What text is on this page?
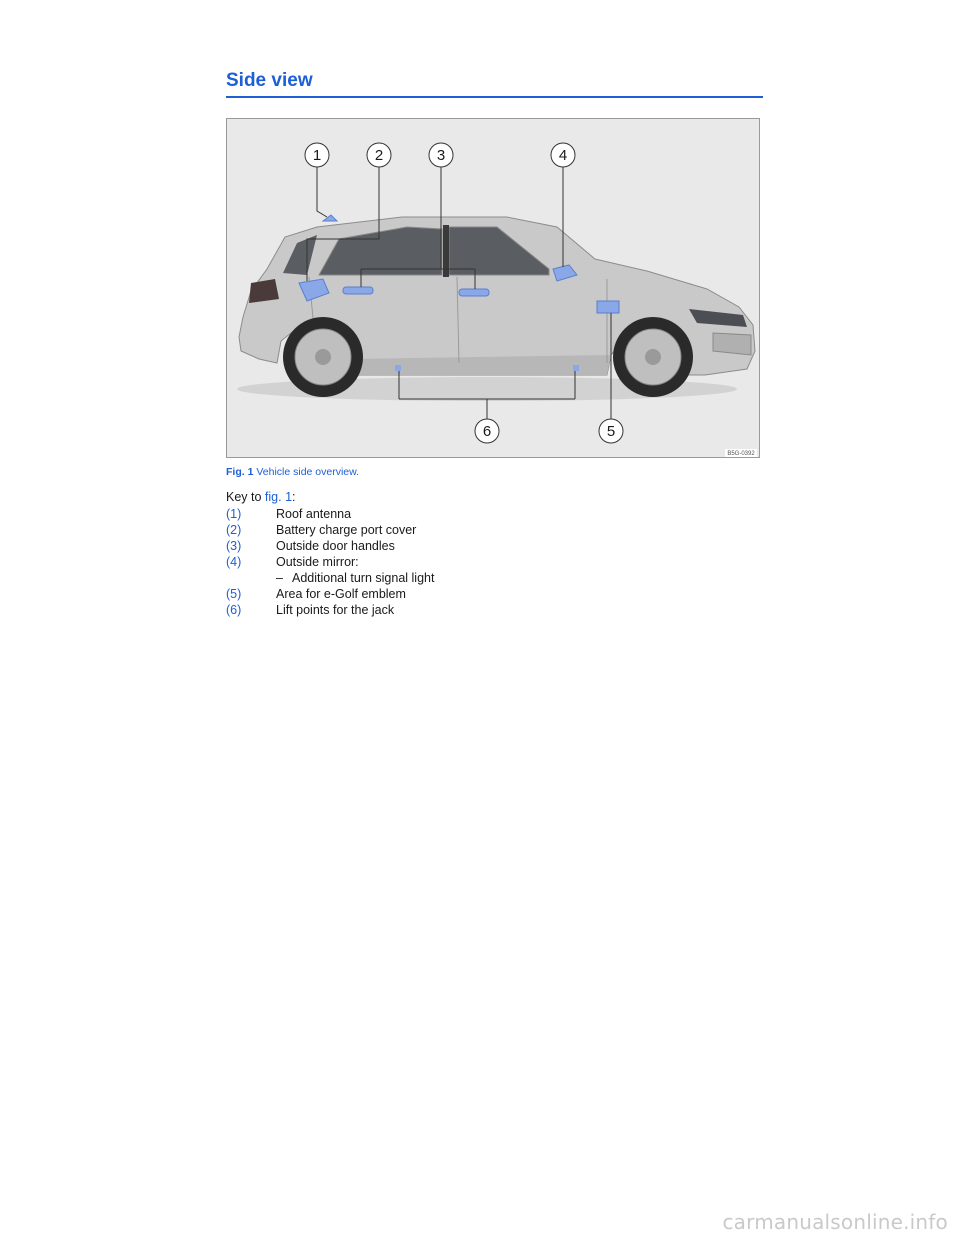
Side view
1	2	3	4
5
6
B5G-0392
Fig. 1 Vehicle side overview.
Key to fig. 1:
(1)	Roof antenna
(2)	Battery charge port cover
(3)	Outside door handles
(4)	Outside mirror:
– Additional turn signal light
(5)	Area for e-Golf emblem
(6)	Lift points for the jack
carmanualsonline.info
